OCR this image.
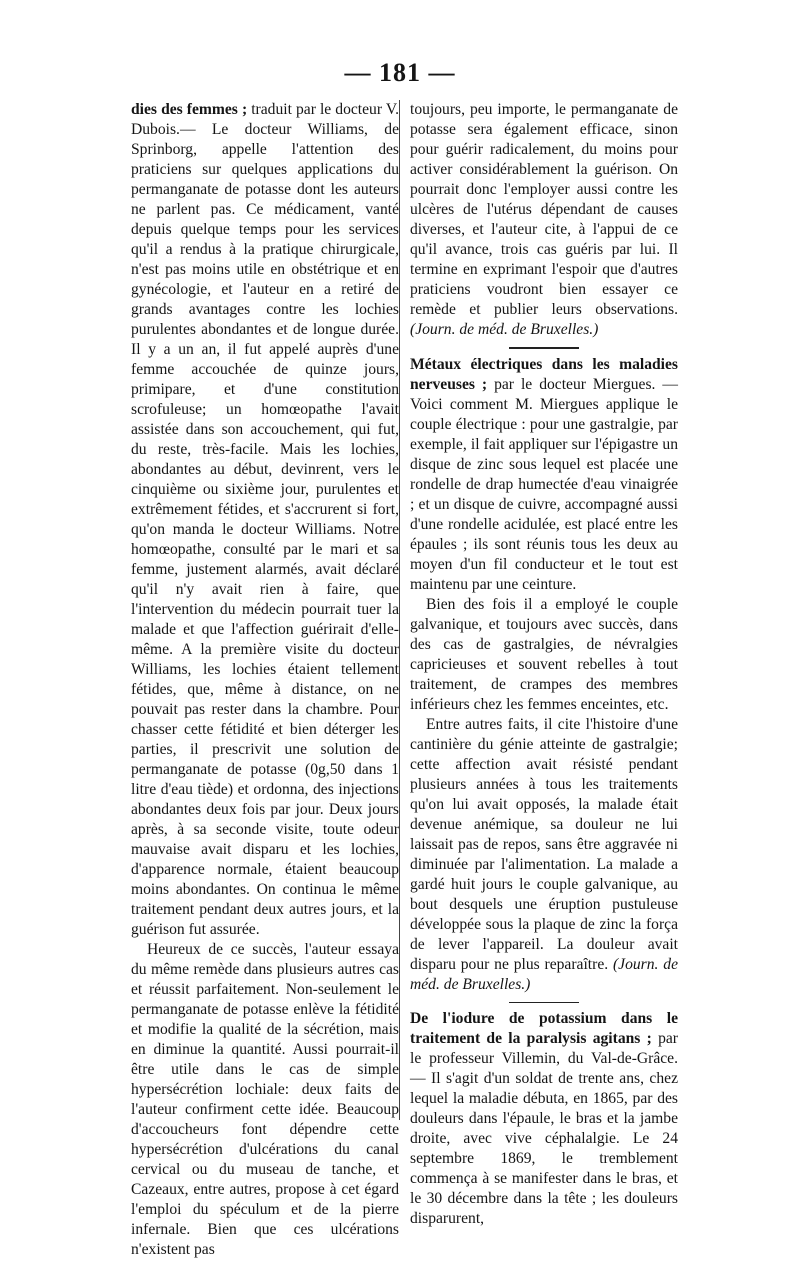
— 181 —

dies des femmes ; traduit par le docteur V. Dubois.— Le docteur Williams, de Sprinborg, appelle l'attention des praticiens sur quelques applications du permanganate de potasse dont les auteurs ne parlent pas. Ce médicament, vanté depuis quelque temps pour les services qu'il a rendus à la pratique chirurgicale, n'est pas moins utile en obstétrique et en gynécologie, et l'auteur en a retiré de grands avantages contre les lochies purulentes abondantes et de longue durée. Il y a un an, il fut appelé auprès d'une femme accouchée de quinze jours, primipare, et d'une constitution scrofuleuse; un homœopathe l'avait assistée dans son accouchement, qui fut, du reste, très-facile. Mais les lochies, abondantes au début, devinrent, vers le cinquième ou sixième jour, purulentes et extrêmement fétides, et s'accrurent si fort, qu'on manda le docteur Williams. Notre homœopathe, consulté par le mari et sa femme, justement alarmés, avait déclaré qu'il n'y avait rien à faire, que l'intervention du médecin pourrait tuer la malade et que l'affection guérirait d'elle-même. A la première visite du docteur Williams, les lochies étaient tellement fétides, que, même à distance, on ne pouvait pas rester dans la chambre. Pour chasser cette fétidité et bien déterger les parties, il prescrivit une solution de permanganate de potasse (0g,50 dans 1 litre d'eau tiède) et ordonna, des injections abondantes deux fois par jour. Deux jours après, à sa seconde visite, toute odeur mauvaise avait disparu et les lochies, d'apparence normale, étaient beaucoup moins abondantes. On continua le même traitement pendant deux autres jours, et la guérison fut assurée.

Heureux de ce succès, l'auteur essaya du même remède dans plusieurs autres cas et réussit parfaitement. Non-seulement le permanganate de potasse enlève la fétidité et modifie la qualité de la sécrétion, mais en diminue la quantité. Aussi pourrait-il être utile dans le cas de simple hypersécrétion lochiale: deux faits de l'auteur confirment cette idée. Beaucoup d'accoucheurs font dépendre cette hypersécrétion d'ulcérations du canal cervical ou du museau de tanche, et Cazeaux, entre autres, propose à cet égard l'emploi du spéculum et de la pierre infernale. Bien que ces ulcérations n'existent pas

toujours, peu importe, le permanganate de potasse sera également efficace, sinon pour guérir radicalement, du moins pour activer considérablement la guérison. On pourrait donc l'employer aussi contre les ulcères de l'utérus dépendant de causes diverses, et l'auteur cite, à l'appui de ce qu'il avance, trois cas guéris par lui. Il termine en exprimant l'espoir que d'autres praticiens voudront bien essayer ce remède et publier leurs observations. (Journ. de méd. de Bruxelles.)

Métaux électriques dans les maladies nerveuses ; par le docteur Miergues. — Voici comment M. Miergues applique le couple électrique : pour une gastralgie, par exemple, il fait appliquer sur l'épigastre un disque de zinc sous lequel est placée une rondelle de drap humectée d'eau vinaigrée ; et un disque de cuivre, accompagné aussi d'une rondelle acidulée, est placé entre les épaules ; ils sont réunis tous les deux au moyen d'un fil conducteur et le tout est maintenu par une ceinture.

Bien des fois il a employé le couple galvanique, et toujours avec succès, dans des cas de gastralgies, de névralgies capricieuses et souvent rebelles à tout traitement, de crampes des membres inférieurs chez les femmes enceintes, etc.

Entre autres faits, il cite l'histoire d'une cantinière du génie atteinte de gastralgie; cette affection avait résisté pendant plusieurs années à tous les traitements qu'on lui avait opposés, la malade était devenue anémique, sa douleur ne lui laissait pas de repos, sans être aggravée ni diminuée par l'alimentation. La malade a gardé huit jours le couple galvanique, au bout desquels une éruption pustuleuse développée sous la plaque de zinc la força de lever l'appareil. La douleur avait disparu pour ne plus reparaître. (Journ. de méd. de Bruxelles.)

De l'iodure de potassium dans le traitement de la paralysis agitans ; par le professeur Villemin, du Val-de-Grâce. — Il s'agit d'un soldat de trente ans, chez lequel la maladie débuta, en 1865, par des douleurs dans l'épaule, le bras et la jambe droite, avec vive céphalalgie. Le 24 septembre 1869, le tremblement commença à se manifester dans le bras, et le 30 décembre dans la tête ; les douleurs disparurent,
